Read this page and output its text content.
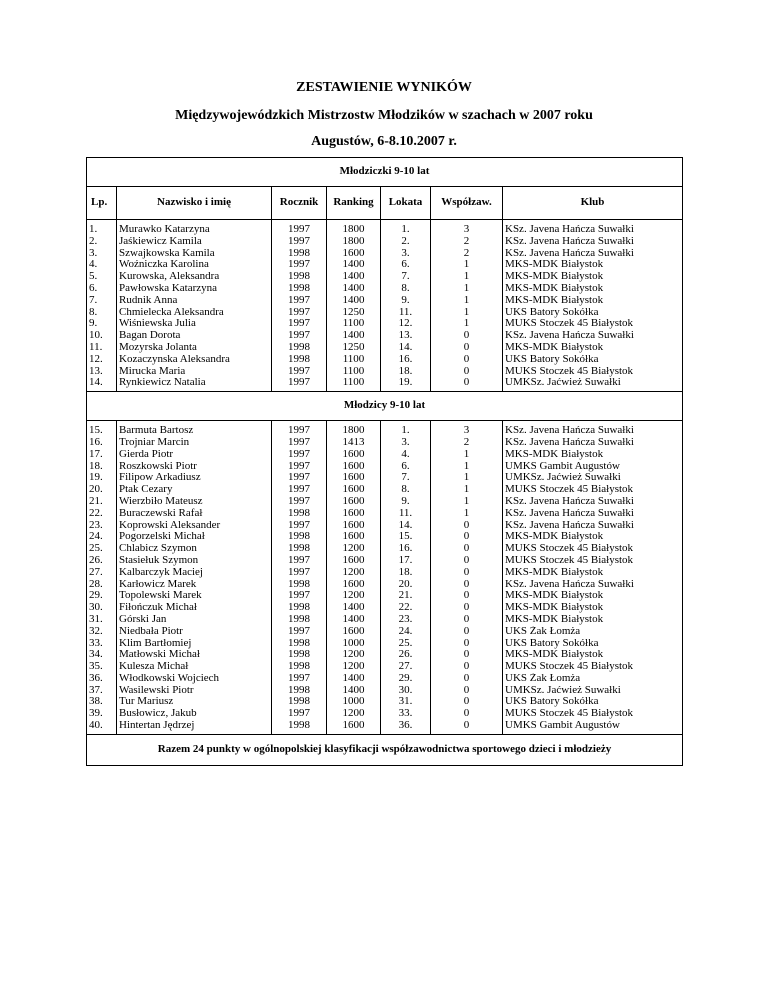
ZESTAWIENIE WYNIKÓW
Międzywojewódzkich Mistrzostw Młodzików w szachach w 2007 roku
Augustów, 6-8.10.2007 r.
Młodziczki 9-10 lat						
Lp.	Nazwisko i imię	Rocznik	Ranking	Lokata	Współzaw.	Klub
1.	Murawko Katarzyna	1997	1800	1.	3	KSz. Javena Hańcza Suwałki
2.	Jaśkiewicz Kamila	1997	1800	2.	2	KSz. Javena Hańcza Suwałki
3.	Szwajkowska Kamila	1998	1600	3.	2	KSz. Javena Hańcza Suwałki
4.	Woźniczka Karolina	1997	1400	6.	1	MKS-MDK Białystok
5.	Kurowska, Aleksandra	1998	1400	7.	1	MKS-MDK Białystok
6.	Pawłowska Katarzyna	1998	1400	8.	1	MKS-MDK Białystok
7.	Rudnik Anna	1997	1400	9.	1	MKS-MDK Białystok
8.	Chmielecka Aleksandra	1997	1250	11.	1	UKS Batory Sokółka
9.	Wiśniewska Julia	1997	1100	12.	1	MUKS Stoczek 45 Białystok
10.	Bagan Dorota	1997	1400	13.	0	KSz. Javena Hańcza Suwałki
11.	Mozyrska Jolanta	1998	1250	14.	0	MKS-MDK Białystok
12.	Kozaczynska Aleksandra	1998	1100	16.	0	UKS Batory Sokółka
13.	Mirucka Maria	1997	1100	18.	0	MUKS Stoczek 45 Białystok
14.	Rynkiewicz Natalia	1997	1100	19.	0	UMKSz. Jaćwież Suwałki
Młodzicy 9-10 lat						
15.	Barmuta Bartosz	1997	1800	1.	3	KSz. Javena Hańcza Suwałki
16.	Trojniar Marcin	1997	1413	3.	2	KSz. Javena Hańcza Suwałki
17.	Gierda Piotr	1997	1600	4.	1	MKS-MDK Białystok
18.	Roszkowski Piotr	1997	1600	6.	1	UMKS Gambit Augustów
19.	Filipow Arkadiusz	1997	1600	7.	1	UMKSz. Jaćwież Suwałki
20.	Ptak Cezary	1997	1600	8.	1	MUKS Stoczek 45 Białystok
21.	Wierzbiło Mateusz	1997	1600	9.	1	KSz. Javena Hańcza Suwałki
22.	Buraczewski Rafał	1998	1600	11.	1	KSz. Javena Hańcza Suwałki
23.	Koprowski Aleksander	1997	1600	14.	0	KSz. Javena Hańcza Suwałki
24.	Pogorzelski Michał	1998	1600	15.	0	MKS-MDK Białystok
25.	Chlabicz Szymon	1998	1200	16.	0	MUKS Stoczek 45 Białystok
26.	Stasiełuk Szymon	1997	1600	17.	0	MUKS Stoczek 45 Białystok
27.	Kalbarczyk Maciej	1997	1200	18.	0	MKS-MDK Białystok
28.	Karłowicz Marek	1998	1600	20.	0	KSz. Javena Hańcza Suwałki
29.	Topolewski Marek	1997	1200	21.	0	MKS-MDK Białystok
30.	Fiłończuk Michał	1998	1400	22.	0	MKS-MDK Białystok
31.	Górski Jan	1998	1400	23.	0	MKS-MDK Białystok
32.	Niedbała Piotr	1997	1600	24.	0	UKS Żak Łomża
33.	Klim Bartłomiej	1998	1000	25.	0	UKS Batory Sokółka
34.	Matłowski Michał	1998	1200	26.	0	MKS-MDK Białystok
35.	Kulesza Michał	1998	1200	27.	0	MUKS Stoczek 45 Białystok
36.	Włodkowski Wojciech	1997	1400	29.	0	UKS Żak Łomża
37.	Wasilewski Piotr	1998	1400	30.	0	UMKSz. Jaćwież Suwałki
38.	Tur Mariusz	1998	1000	31.	0	UKS Batory Sokółka
39.	Busłowicz, Jakub	1997	1200	33.	0	MUKS Stoczek 45 Białystok
40.	Hintertan Jędrzej	1998	1600	36.	0	UMKS Gambit Augustów
Razem 24 punkty w ogólnopolskiej klasyfikacji współzawodnictwa sportowego dzieci i młodzieży						
